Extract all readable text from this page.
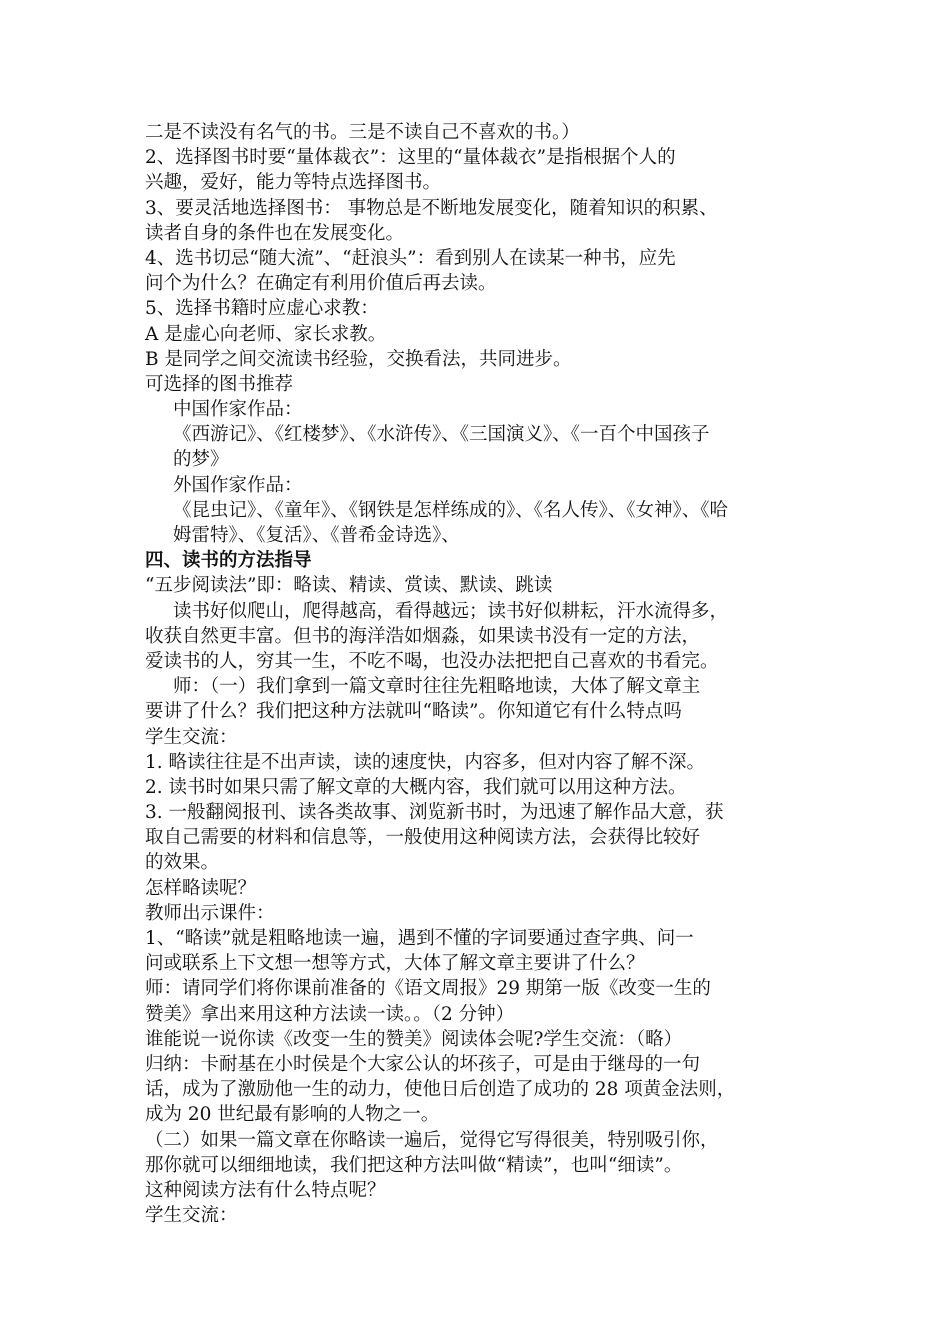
二是不读没有名气的书。三是不读自己不喜欢的书。）
2、选择图书时要“量体裁衣”：这里的“量体裁衣”是指根据个人的
兴趣，爱好，能力等特点选择图书。
3、要灵活地选择图书： 事物总是不断地发展变化，随着知识的积累、
读者自身的条件也在发展变化。
4、选书切忌“随大流”、“赶浪头”：看到别人在读某一种书，应先
问个为什么？在确定有利用价值后再去读。
5、选择书籍时应虚心求教：
A 是虚心向老师、家长求教。
B 是同学之间交流读书经验，交换看法，共同进步。
可选择的图书推荐
中国作家作品：
《西游记》、《红楼梦》、《水浒传》、《三国演义》、《一百个中国孩子
的梦》
外国作家作品：
《昆虫记》、《童年》、《钢铁是怎样练成的》、《名人传》、《女神》、《哈
姆雷特》、《复活》、《普希金诗选》、
四、读书的方法指导
“五步阅读法”即：略读、精读、赏读、默读、跳读
读书好似爬山，爬得越高，看得越远；读书好似耕耘，汗水流得多，
收获自然更丰富。但书的海洋浩如烟淼，如果读书没有一定的方法，
爱读书的人，穷其一生，不吃不喝，也没办法把把自己喜欢的书看完。
师：（一）我们拿到一篇文章时往往先粗略地读，大体了解文章主
要讲了什么？我们把这种方法就叫“略读”。你知道它有什么特点吗
学生交流：
1. 略读往往是不出声读，读的速度快，内容多，但对内容了解不深。
2. 读书时如果只需了解文章的大概内容，我们就可以用这种方法。
3. 一般翻阅报刊、读各类故事、浏览新书时，为迅速了解作品大意，获
取自己需要的材料和信息等，一般使用这种阅读方法，会获得比较好
的效果。
怎样略读呢？
教师出示课件：
1、“略读”就是粗略地读一遍，遇到不懂的字词要通过查字典、问一
问或联系上下文想一想等方式，大体了解文章主要讲了什么？
师：请同学们将你课前准备的《语文周报》29 期第一版《改变一生的
赞美》拿出来用这种方法读一读。。（2 分钟）
谁能说一说你读《改变一生的赞美》阅读体会呢?学生交流：（略）
归纳：卡耐基在小时侯是个大家公认的坏孩子，可是由于继母的一句
话，成为了激励他一生的动力，使他日后创造了成功的 28 项黄金法则，
成为 20 世纪最有影响的人物之一。
（二）如果一篇文章在你略读一遍后，觉得它写得很美，特别吸引你，
那你就可以细细地读，我们把这种方法叫做“精读”，也叫“细读”。
这种阅读方法有什么特点呢？
学生交流：
